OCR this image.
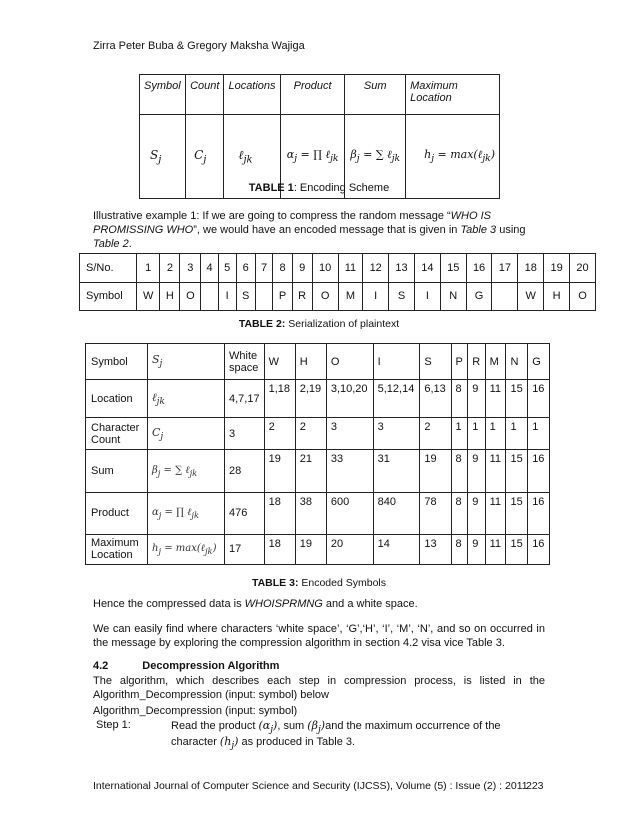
Zirra Peter Buba & Gregory Maksha Wajiga
Symbol	Count	Locations	Product	Sum	Maximum Location
$S_j$	$C_j$	ℓ$_{jk}$	$\alpha_j$ = ∏ ℓ$_{jk}$	$\beta_j$ = ∑ ℓ$_{jk}$	$h_j$ = max(ℓ$_{jk}$)
TABLE 1: Encoding Scheme
Illustrative example 1: If we are going to compress the random message “WHO IS PROMISSING WHO”, we would have an encoded message that is given in Table 3 using Table 2.
S/No.	1	2	3	4	5	6	7	8	9	10	11	12	13	14	15	16	17	18	19	20
Symbol	W	H	O		I	S		P	R	O	M	I	S	I	N	G		W	H	O
TABLE 2: Serialization of plaintext
Symbol	$S_j$	White space	W	H	O	I	S	P	R	M	N	G
Location	ℓ$_{jk}$	4,7,17	1,18	2,19	3,10,20	5,12,14	6,13	8	9	11	15	16
Character Count	$C_j$	3	2	2	3	3	2	1	1	1	1	1
Sum	$\beta_j$ = ∑ ℓ$_{jk}$	28	19	21	33	31	19	8	9	11	15	16
Product	$\alpha_j$ = ∏ ℓ$_{jk}$	476	18	38	600	840	78	8	9	11	15	16
Maximum Location	$h_j$ = max(ℓ$_{jk}$)	17	18	19	20	14	13	8	9	11	15	16
TABLE 3: Encoded Symbols
Hence the compressed data is WHOISPRMNG and a white space.
We can easily find where characters ‘white space’, ‘G’,‘H’, ‘I’, ‘M’, ‘N’, and so on occurred in the message by exploring the compression algorithm in section 4.2 visa vice Table 3.
4.2	Decompression Algorithm
The algorithm, which describes each step in compression process, is listed in the Algorithm_Decompression (input: symbol) below
Algorithm_Decompression (input: symbol)
Step 1:	Read the product $(\alpha_j)$, sum $(\beta_j)and$ the maximum occurrence of the
character $(h_j)$ as produced in Table 3.
International Journal of Computer Science and Security (IJCSS), Volume (5) : Issue (2) : 2011
223
